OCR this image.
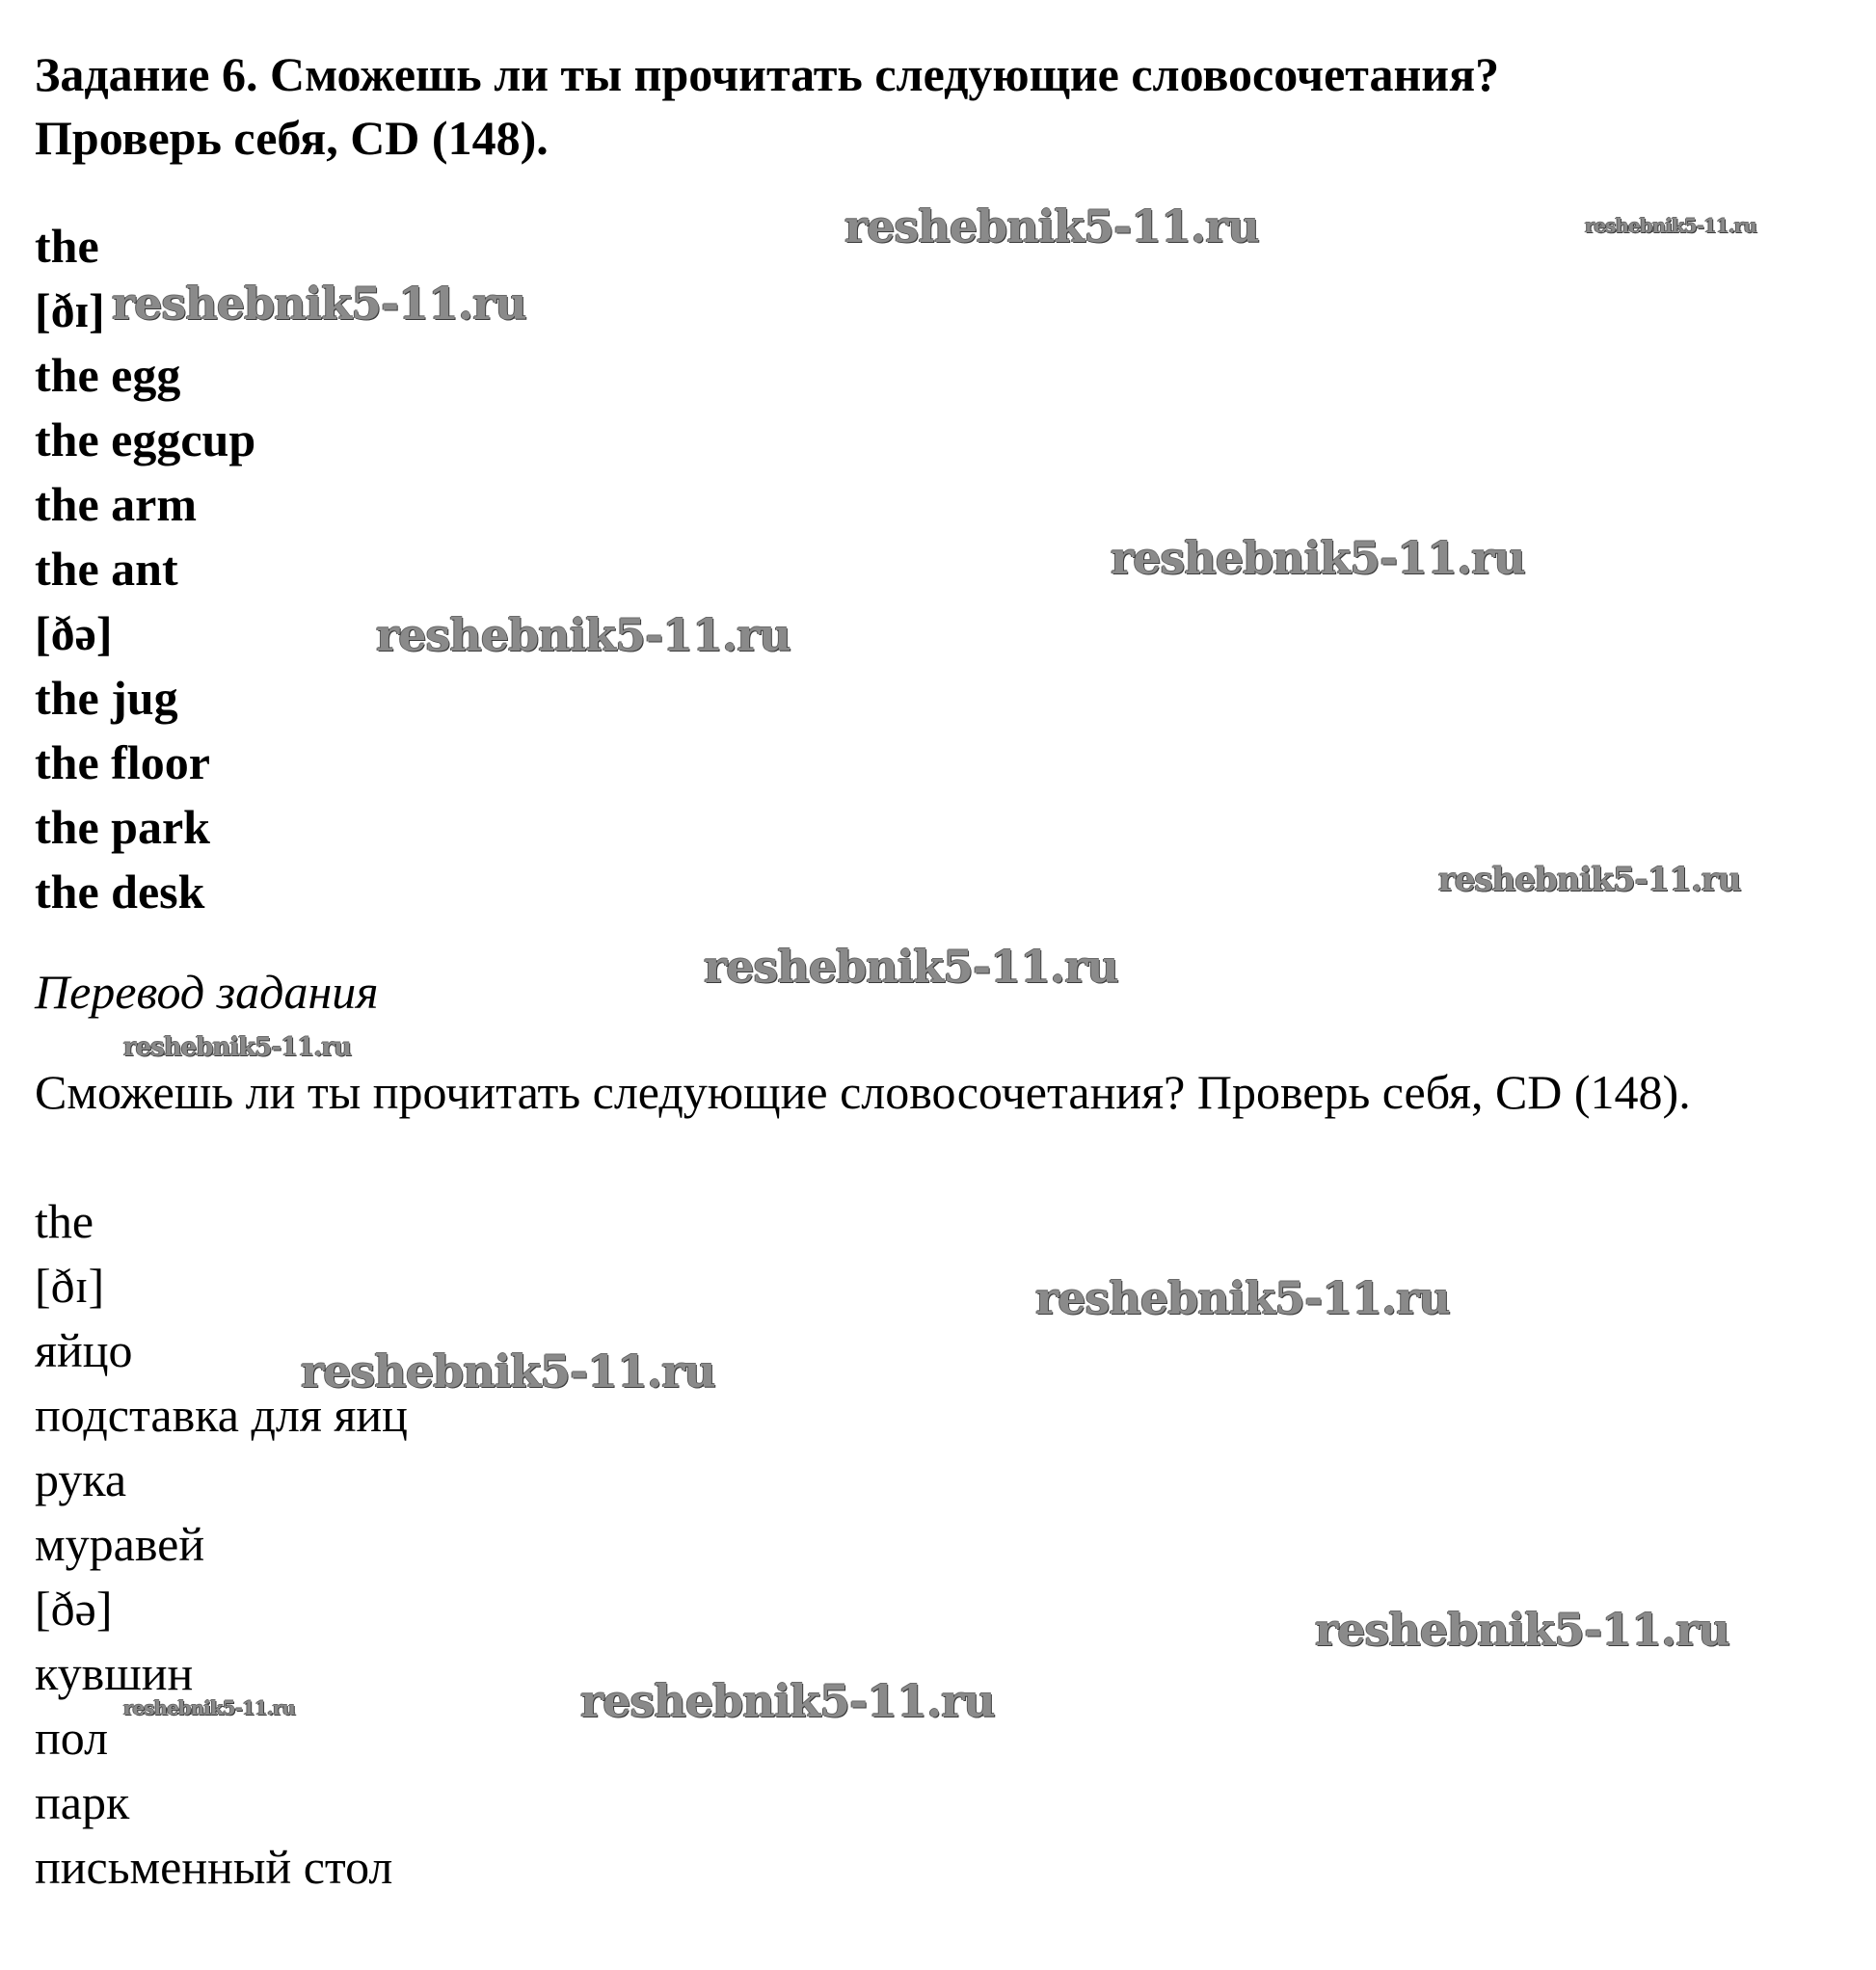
Задание 6. Сможешь ли ты прочитать следующие словосочетания?
Проверь себя, CD (148).
the
[ðɪ]
the egg
the eggcup
the arm
the ant
[ðə]
the jug
the floor
the park
the desk

Перевод задания

Сможешь ли ты прочитать следующие словосочетания? Проверь себя, CD (148).

the
[ðɪ]
яйцо
подставка для яиц
рука
муравей
[ðə]
кувшин
пол
парк
письменный стол
reshebnik5-11.ru	reshebnik5-11.ru
reshebnik5-11.ru
reshebnik5-11.ru
reshebnik5-11.ru
reshebnik5-11.ru
reshebnik5-11.ru
reshebnik5-11.ru
reshebnik5-11.ru
reshebnik5-11.ru
reshebnik5-11.ru
reshebnik5-11.ru	reshebnik5-11.ru
